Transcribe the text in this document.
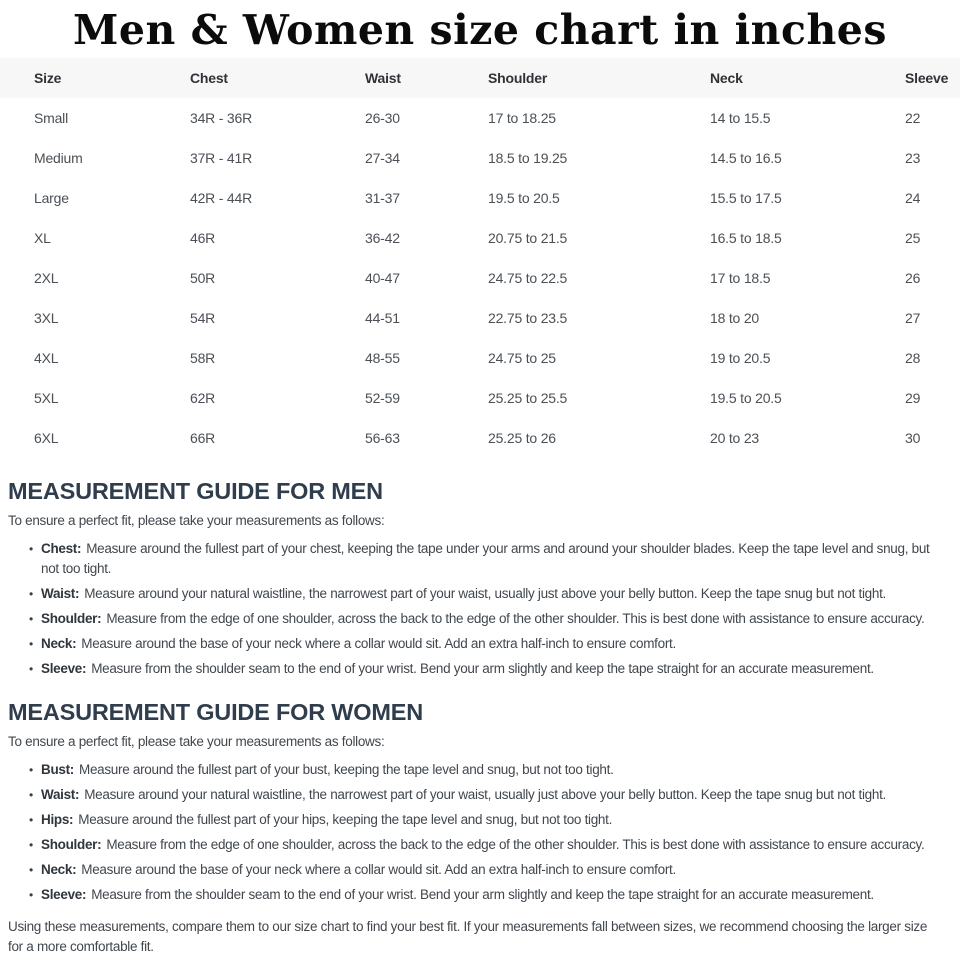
Men & Women size chart in inches
Size	Chest	Waist	Shoulder	Neck	Sleeve
Small	34R - 36R	26-30	17 to 18.25	14 to 15.5	22
Medium	37R - 41R	27-34	18.5 to 19.25	14.5 to 16.5	23
Large	42R - 44R	31-37	19.5 to 20.5	15.5 to 17.5	24
XL	46R	36-42	20.75 to 21.5	16.5 to 18.5	25
2XL	50R	40-47	24.75 to 22.5	17 to 18.5	26
3XL	54R	44-51	22.75 to 23.5	18 to 20	27
4XL	58R	48-55	24.75 to 25	19 to 20.5	28
5XL	62R	52-59	25.25 to 25.5	19.5 to 20.5	29
6XL	66R	56-63	25.25 to 26	20 to 23	30
MEASUREMENT GUIDE FOR MEN

To ensure a perfect fit, please take your measurements as follows:

• Chest: Measure around the fullest part of your chest, keeping the tape under your arms and around your shoulder blades. Keep the tape level and snug, but not too tight.
• Waist: Measure around your natural waistline, the narrowest part of your waist, usually just above your belly button. Keep the tape snug but not tight.
• Shoulder: Measure from the edge of one shoulder, across the back to the edge of the other shoulder. This is best done with assistance to ensure accuracy.
• Neck: Measure around the base of your neck where a collar would sit. Add an extra half-inch to ensure comfort.
• Sleeve: Measure from the shoulder seam to the end of your wrist. Bend your arm slightly and keep the tape straight for an accurate measurement.
MEASUREMENT GUIDE FOR WOMEN

To ensure a perfect fit, please take your measurements as follows:

• Bust: Measure around the fullest part of your bust, keeping the tape level and snug, but not too tight.
• Waist: Measure around your natural waistline, the narrowest part of your waist, usually just above your belly button. Keep the tape snug but not tight.
• Hips: Measure around the fullest part of your hips, keeping the tape level and snug, but not too tight.
• Shoulder: Measure from the edge of one shoulder, across the back to the edge of the other shoulder. This is best done with assistance to ensure accuracy.
• Neck: Measure around the base of your neck where a collar would sit. Add an extra half-inch to ensure comfort.
• Sleeve: Measure from the shoulder seam to the end of your wrist. Bend your arm slightly and keep the tape straight for an accurate measurement.

Using these measurements, compare them to our size chart to find your best fit. If your measurements fall between sizes, we recommend choosing the larger size for a more comfortable fit.
